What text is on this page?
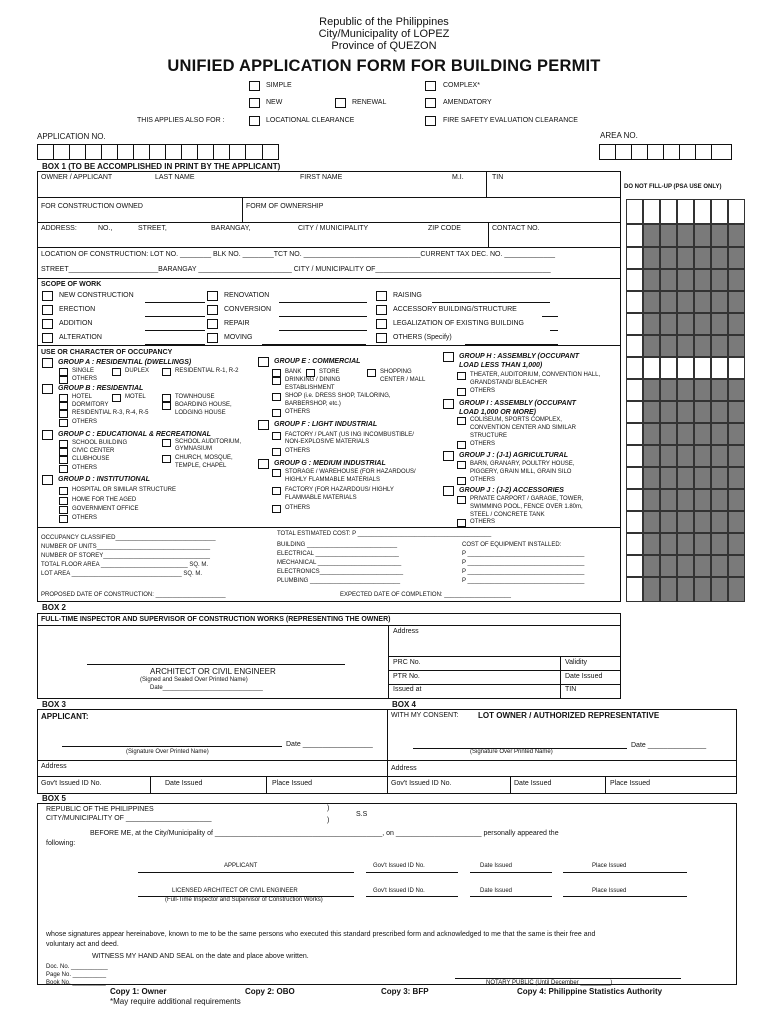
Republic of the Philippines
City/Municipality of LOPEZ
Province of QUEZON
UNIFIED APPLICATION FORM FOR BUILDING PERMIT
SIMPLE	COMPLEX*
NEW	RENEWAL	AMENDATORY
THIS APPLIES ALSO FOR :	LOCATIONAL CLEARANCE	FIRE SAFETY EVALUATION CLEARANCE
APPLICATION NO.	AREA NO.
DO NOT FILL-UP (PSA USE ONLY)
BOX 1 (TO BE ACCOMPLISHED IN PRINT BY THE APPLICANT)
OWNER / APPLICANT	LAST NAME	FIRST NAME	M.I.	TIN
FOR CONSTRUCTION OWNED	FORM OF OWNERSHIP
ADDRESS:	NO.,	STREET,	BARANGAY,	CITY / MUNICIPALITY	ZIP CODE	CONTACT NO.
LOCATION OF CONSTRUCTION: LOT NO. ________ BLK NO. ________TCT NO. ______________________________CURRENT TAX DEC. NO. _____________
STREET_______________________BARANGAY ________________________ CITY / MUNICIPALITY OF_____________________________________________
SCOPE OF WORK
NEW CONSTRUCTION
ERECTION
ADDITION
ALTERATION
RENOVATION
CONVERSION
REPAIR
MOVING
RAISING
ACCESSORY BUILDING/STRUCTURE
LEGALIZATION OF EXISTING BUILDING
OTHERS (Specify)
USE OR CHARACTER OF OCCUPANCY
GROUP A : RESIDENTIAL (DWELLINGS)
SINGLE	DUPLEX	RESIDENTIAL R-1, R-2
OTHERS
GROUP B : RESIDENTIAL
HOTEL	MOTEL	TOWNHOUSE
DORMITORY	BOARDING HOUSE,
RESIDENTIAL R-3, R-4, R-5	LODGING HOUSE
OTHERS
GROUP C : EDUCATIONAL & RECREATIONAL
SCHOOL BUILDING	SCHOOL AUDITORIUM,
GYMNASIUM
CIVIC CENTER
CHURCH, MOSQUE,
CLUBHOUSE
TEMPLE, CHAPEL
OTHERS
GROUP D : INSTITUTIONAL
HOSPITAL OR SIMILAR STRUCTURE
HOME FOR THE AGED
GOVERNMENT OFFICE
OTHERS
GROUP E : COMMERCIAL
BANK	STORE	SHOPPING
CENTER / MALL
DRINKING / DINING
ESTABLISHMENT
SHOP (i.e. DRESS SHOP, TAILORING,
BARBERSHOP, etc.)
OTHERS
GROUP F : LIGHT INDUSTRIAL
FACTORY / PLANT (US ING INCOMBUSTIBLE/
NON-EXPLOSIVE MATERIALS
OTHERS
GROUP G : MEDIUM INDUSTRIAL
STORAGE / WAREHOUSE (FOR HAZARDOUS/
HIGHLY FLAMMABLE MATERIALS
FACTORY (FOR HAZARDOUS/ HIGHLY
FLAMMABLE MATERIALS
OTHERS
GROUP H : ASSEMBLY (OCCUPANT
LOAD LESS THAN 1,000)
THEATER, AUDITORIUM, CONVENTION HALL,
GRANDSTAND/ BLEACHER
OTHERS
GROUP I : ASSEMBLY (OCCUPANT
LOAD 1,000 OR MORE)
COLISEUM, SPORTS COMPLEX,
CONVENTION CENTER AND SIMILAR
STRUCTURE
OTHERS
GROUP J : (J-1) AGRICULTURAL
BARN, GRANARY, POULTRY HOUSE,
PIGGERY, GRAIN MILL, GRAIN SILO
OTHERS
GROUP J : (J-2) ACCESSORIES
PRIVATE CARPORT / GARAGE, TOWER,
SWIMMING POOL, FENCE OVER 1.80m,
STEEL / CONCRETE TANK
OTHERS
OCCUPANCY CLASSIFIED______________________________
NUMBER OF UNITS__________________________________
NUMBER OF STOREY________________________________
TOTAL FLOOR AREA __________________________ SQ. M.
LOT AREA _________________________________ SQ. M.
TOTAL ESTIMATED COST: P ________________________________________
BUILDING ___________________________
ELECTRICAL _________________________
MECHANICAL _________________________
ELECTRONICS_________________________
PLUMBING ___________________________
COST OF EQUIPMENT INSTALLED:
P ___________________________________
P ___________________________________
P ___________________________________
P ___________________________________
PROPOSED DATE OF CONSTRUCTION: _____________________	EXPECTED DATE OF COMPLETION: ____________________
BOX 2
FULL-TIME INSPECTOR AND SUPERVISOR OF CONSTRUCTION WORKS (REPRESENTING THE OWNER)
ARCHITECT OR CIVIL ENGINEER
(Signed and Sealed Over Printed Name)
Date______________________________
Address
PRC No.	Validity
PTR No.	Date Issued
Issued at	TIN
BOX 3	BOX 4
APPLICANT:
Date __________________
(Signature Over Printed Name)
Address
Gov't Issued ID No.	Date Issued	Place Issued
WITH MY CONSENT: LOT OWNER / AUTHORIZED REPRESENTATIVE
Date _______________
(Signature Over Printed Name)
Address
Gov't Issued ID No.	Date Issued	Place Issued
BOX 5
REPUBLIC OF THE PHILIPPINES
CITY/MUNICIPALITY OF ______________________
)
)
S.S
BEFORE ME, at the City/Municipality of ___________________________________________, on ______________________ personally appeared the
following:
APPLICANT	Gov't Issued ID No.	Date Issued	Place Issued
LICENSED ARCHITECT OR CIVIL ENGINEER	Gov't Issued ID No.	Date Issued	Place Issued
(Full-Time Inspector and Supervisor of Construction Works)
whose signatures appear hereinabove, known to me to be the same persons who executed this standard prescribed form and acknowledged to me that the same is their free and
voluntary act and deed.
WITNESS MY HAND AND SEAL on the date and place above written.
Doc. No. ___________
Page No. __________
Book No. __________	NOTARY PUBLIC (Until December _________)
Copy 1: Owner	Copy 2: OBO	Copy 3: BFP	Copy 4: Philippine Statistics Authority
*May require additional requirements
